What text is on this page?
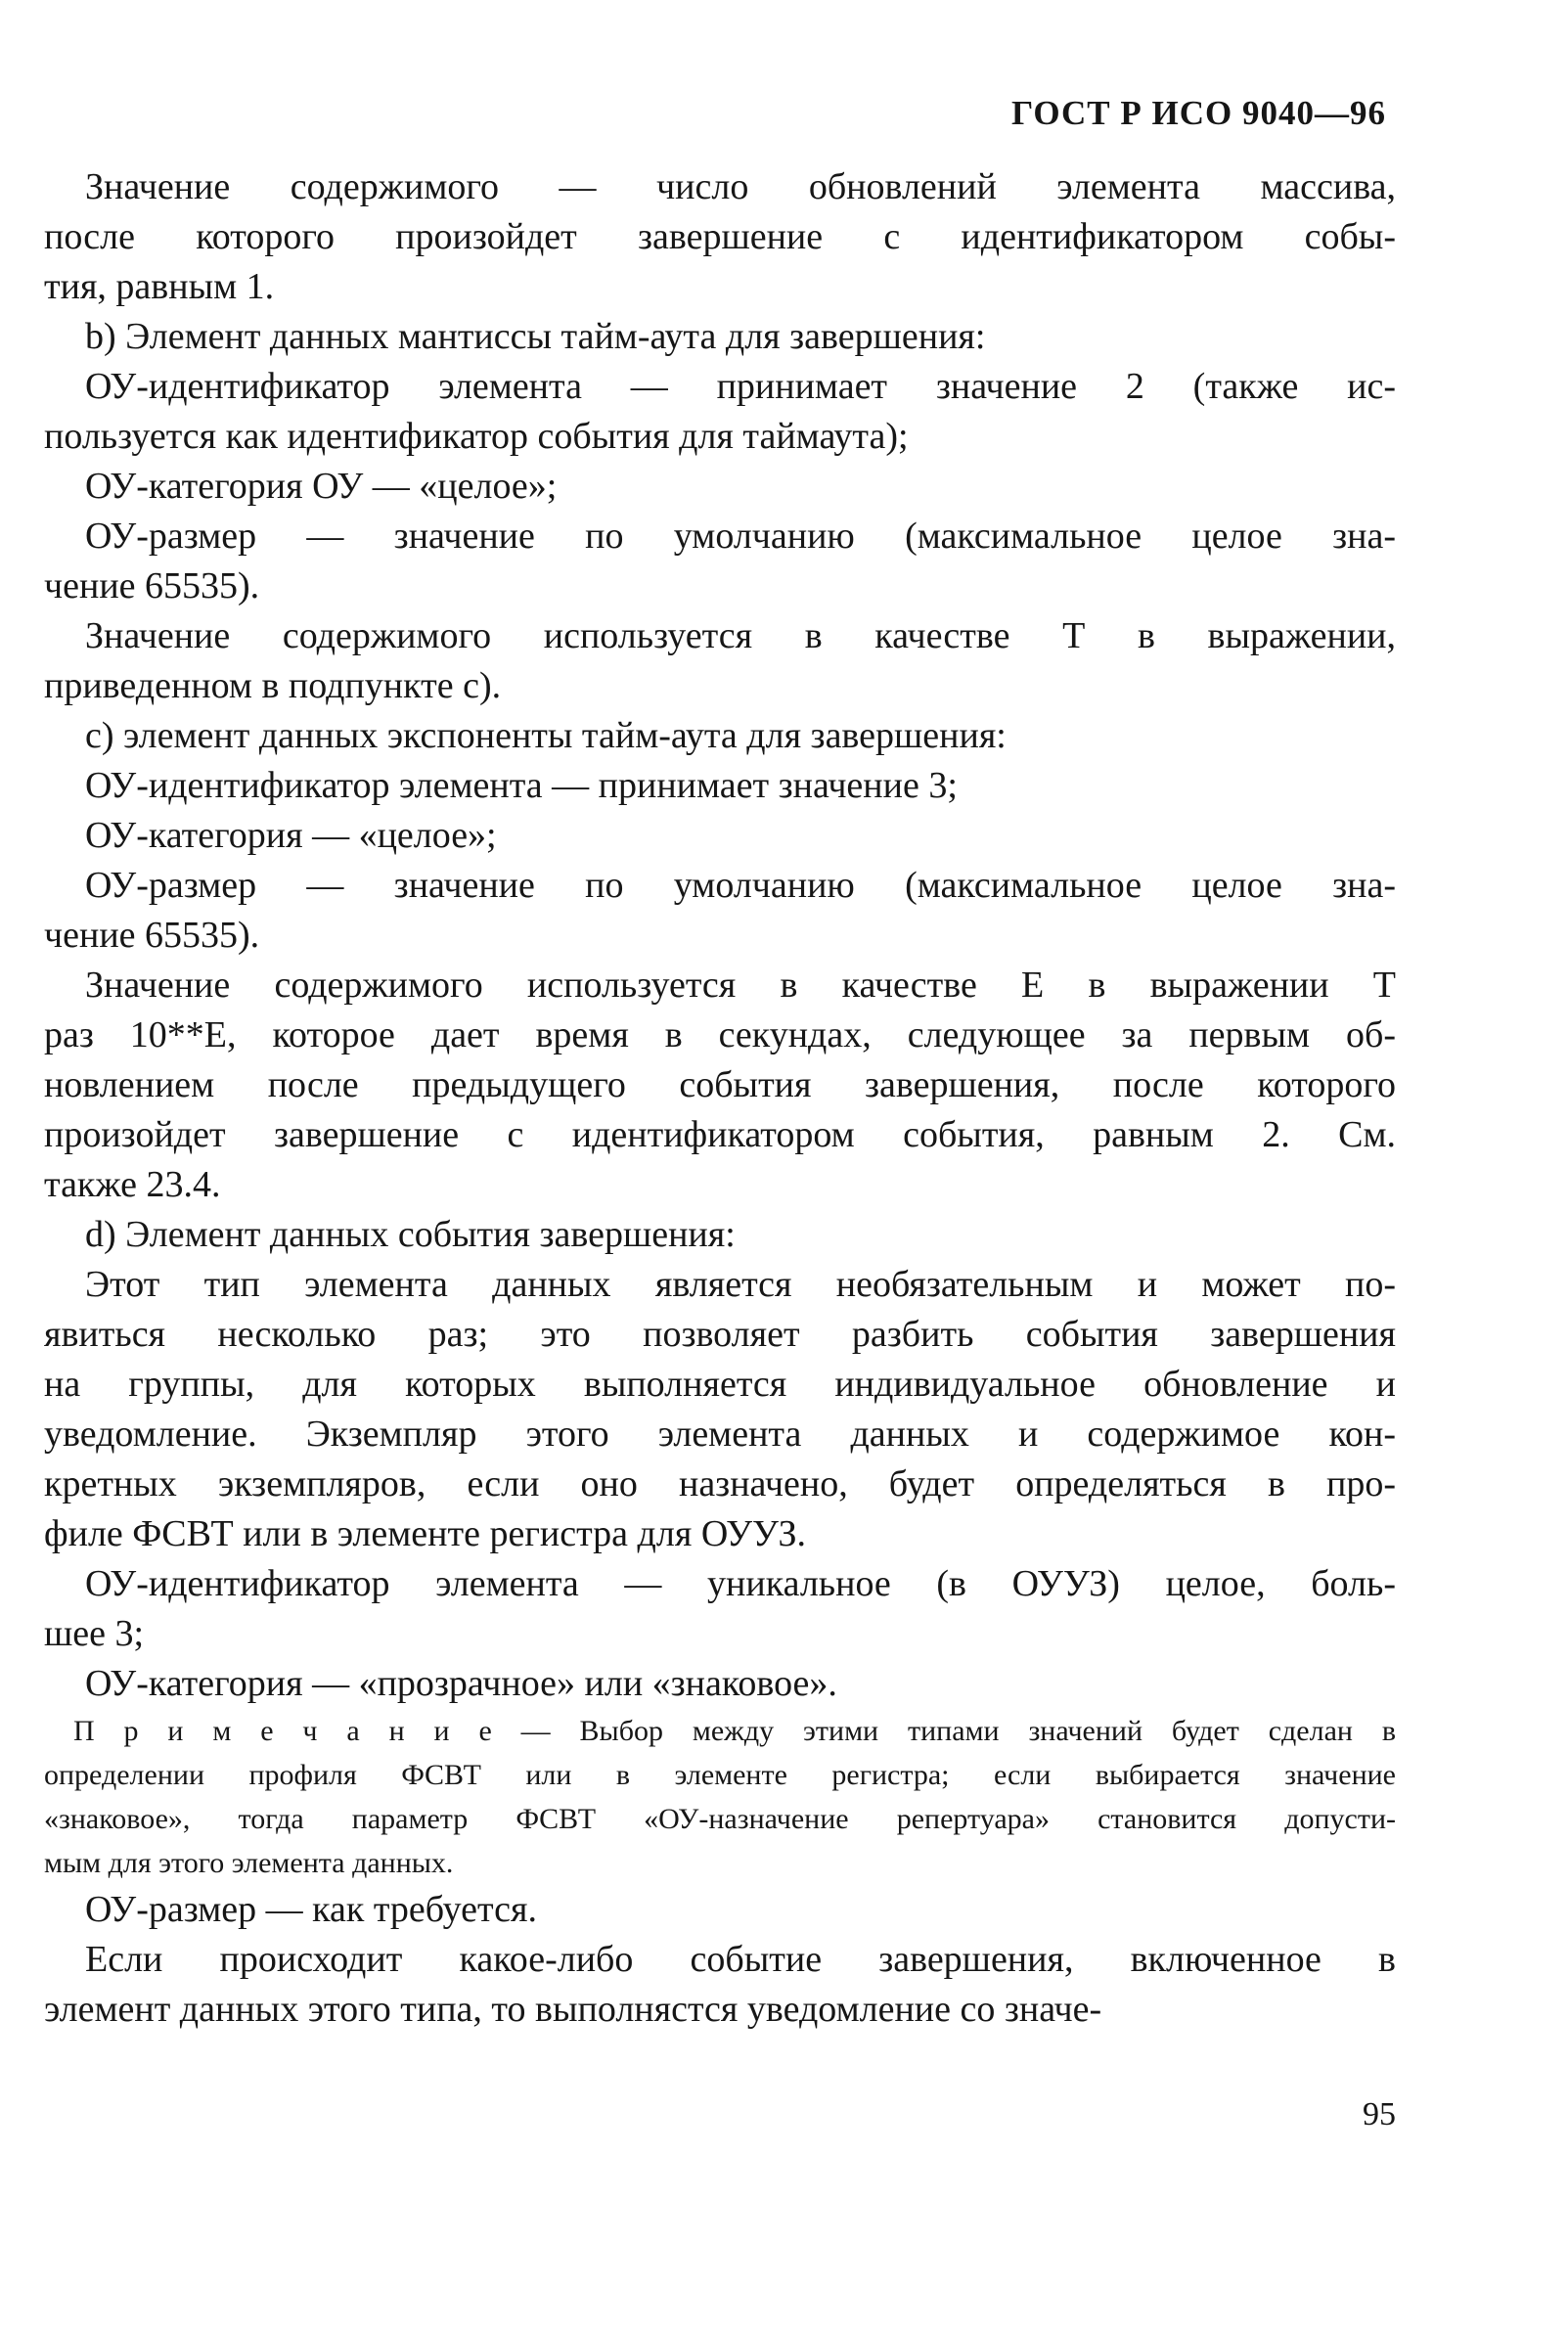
ГОСТ Р ИСО 9040—96
Значение содержимого — число обновлений элемента массива,
после которого произойдет завершение с идентификатором собы-
тия, равным 1.
b) Элемент данных мантиссы тайм-аута для завершения:
ОУ-идентификатор элемента — принимает значение 2 (также ис-
пользуется как идентификатор события для таймаута);
ОУ-категория ОУ — «целое»;
ОУ-размер — значение по умолчанию (максимальное целое зна-
чение 65535).
Значение содержимого используется в качестве Т в выражении,
приведенном в подпункте c).
c) элемент данных экспоненты тайм-аута для завершения:
ОУ-идентификатор элемента — принимает значение 3;
ОУ-категория — «целое»;
ОУ-размер — значение по умолчанию (максимальное целое зна-
чение 65535).
Значение содержимого используется в качестве Е в выражении Т
раз 10**Е, которое дает время в секундах, следующее за первым об-
новлением после предыдущего события завершения, после которого
произойдет завершение с идентификатором события, равным 2. См.
также 23.4.
d) Элемент данных события завершения:
Этот тип элемента данных является необязательным и может по-
явиться несколько раз; это позволяет разбить события завершения
на группы, для которых выполняется индивидуальное обновление и
уведомление. Экземпляр этого элемента данных и содержимое кон-
кретных экземпляров, если оно назначено, будет определяться в про-
филе ФСВТ или в элементе регистра для ОУУЗ.
ОУ-идентификатор элемента — уникальное (в ОУУЗ) целое, боль-
шее 3;
ОУ-категория — «прозрачное» или «знаковое».
П р и м е ч а н и е — Выбор между этими типами значений будет сделан в
определении профиля ФСВТ или в элементе регистра; если выбирается значение
«знаковое», тогда параметр ФСВТ «ОУ-назначение репертуара» становится допусти-
мым для этого элемента данных.
ОУ-размер — как требуется.
Если происходит какое-либо событие завершения, включенное в
элемент данных этого типа, то выполнястся уведомление со значе-
95
